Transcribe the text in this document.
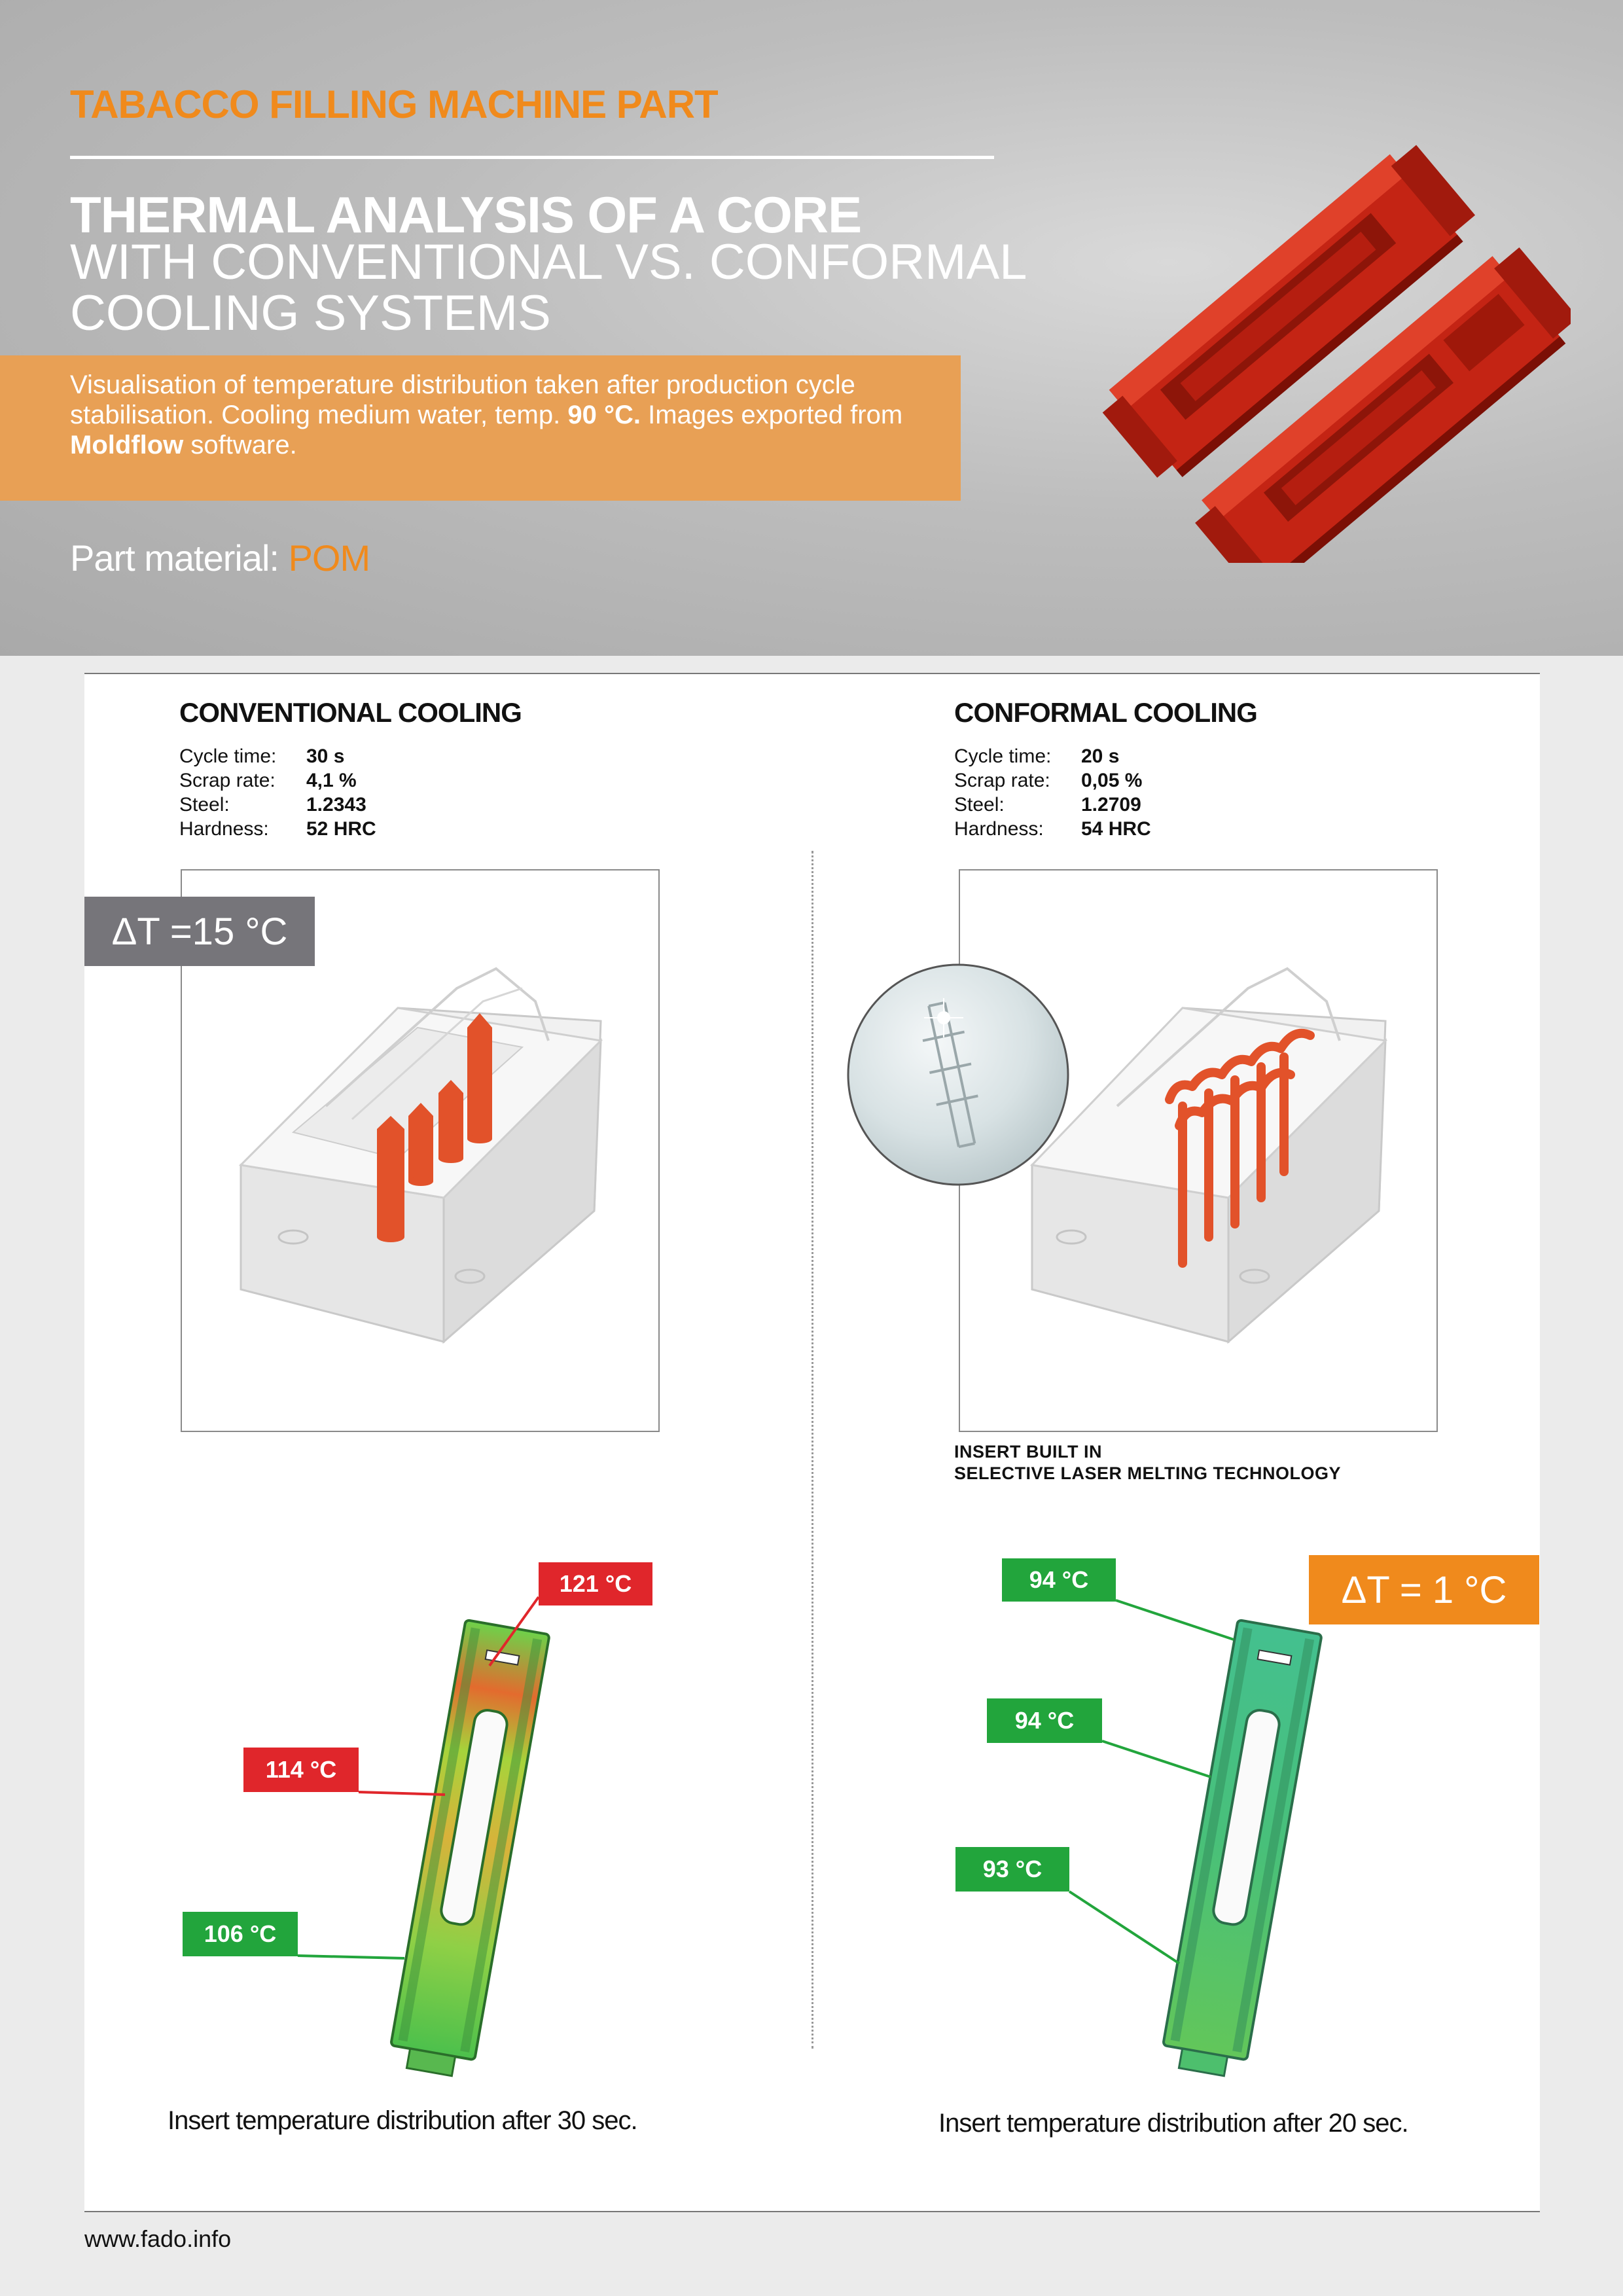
TABACCO FILLING MACHINE PART
THERMAL ANALYSIS OF A CORE
WITH CONVENTIONAL VS. CONFORMAL COOLING SYSTEMS
Visualisation of temperature distribution taken after production cycle stabilisation. Cooling medium water, temp. 90 °C. Images exported from Moldflow software.
Part material: POM
CONVENTIONAL COOLING
Cycle time:	30 s
Scrap rate:	4,1 %
Steel:	1.2343
Hardness:	52 HRC
ΔT =15 °C
121 °C
114 °C
106 °C
Insert temperature distribution after 30 sec.
CONFORMAL COOLING
Cycle time:	20 s
Scrap rate:	0,05 %
Steel:	1.2709
Hardness:	54 HRC
INSERT BUILT IN
SELECTIVE LASER MELTING TECHNOLOGY
ΔT = 1 °C
94 °C
94 °C
93 °C
Insert temperature distribution after 20 sec.
www.fado.info
